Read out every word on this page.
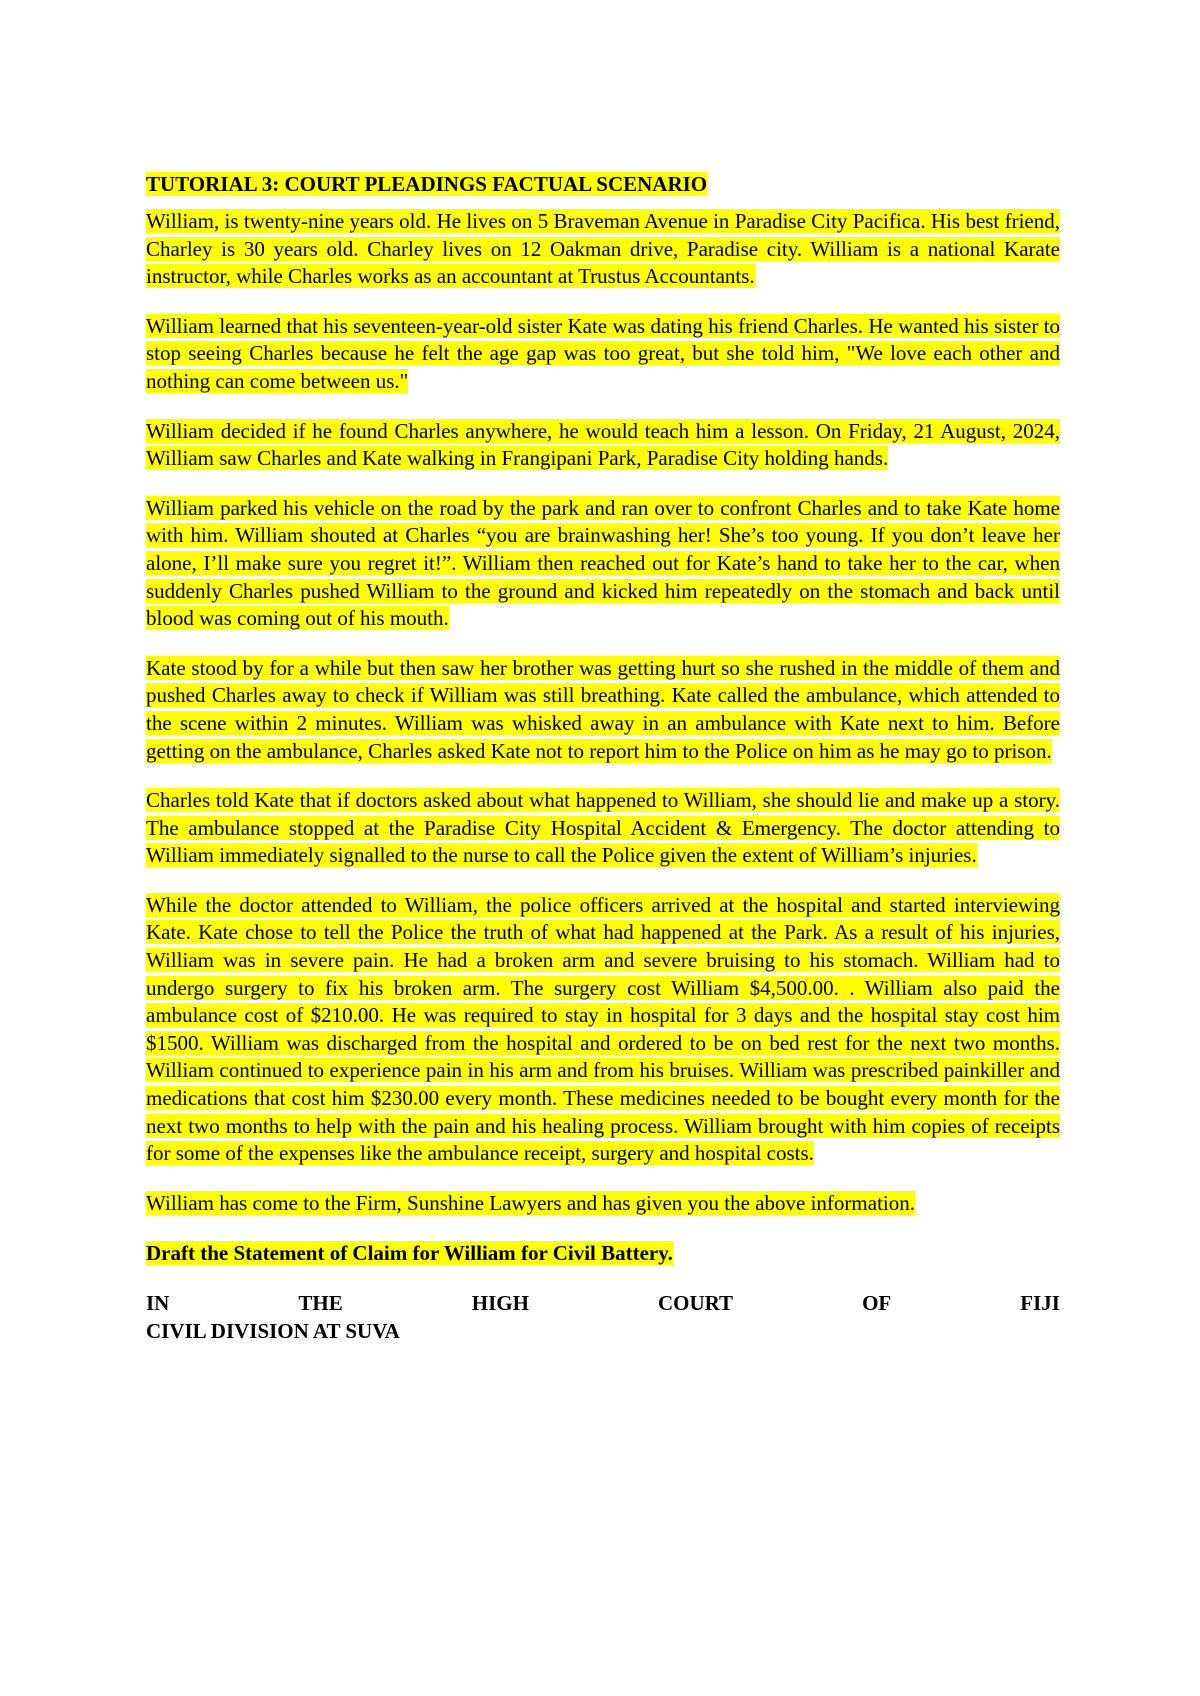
TUTORIAL 3: COURT PLEADINGS FACTUAL SCENARIO

William, is twenty-nine years old. He lives on 5 Braveman Avenue in Paradise City Pacifica. His best friend, Charley is 30 years old. Charley lives on 12 Oakman drive, Paradise city. William is a national Karate instructor, while Charles works as an accountant at Trustus Accountants.

William learned that his seventeen-year-old sister Kate was dating his friend Charles. He wanted his sister to stop seeing Charles because he felt the age gap was too great, but she told him, "We love each other and nothing can come between us."

William decided if he found Charles anywhere, he would teach him a lesson. On Friday, 21 August, 2024, William saw Charles and Kate walking in Frangipani Park, Paradise City holding hands.

William parked his vehicle on the road by the park and ran over to confront Charles and to take Kate home with him. William shouted at Charles “you are brainwashing her! She’s too young. If you don’t leave her alone, I’ll make sure you regret it!”. William then reached out for Kate’s hand to take her to the car, when suddenly Charles pushed William to the ground and kicked him repeatedly on the stomach and back until blood was coming out of his mouth.

Kate stood by for a while but then saw her brother was getting hurt so she rushed in the middle of them and pushed Charles away to check if William was still breathing. Kate called the ambulance, which attended to the scene within 2 minutes. William was whisked away in an ambulance with Kate next to him. Before getting on the ambulance, Charles asked Kate not to report him to the Police on him as he may go to prison.

Charles told Kate that if doctors asked about what happened to William, she should lie and make up a story. The ambulance stopped at the Paradise City Hospital Accident & Emergency. The doctor attending to William immediately signalled to the nurse to call the Police given the extent of William’s injuries.

While the doctor attended to William, the police officers arrived at the hospital and started interviewing Kate. Kate chose to tell the Police the truth of what had happened at the Park. As a result of his injuries, William was in severe pain. He had a broken arm and severe bruising to his stomach. William had to undergo surgery to fix his broken arm. The surgery cost William $4,500.00. . William also paid the ambulance cost of $210.00. He was required to stay in hospital for 3 days and the hospital stay cost him $1500. William was discharged from the hospital and ordered to be on bed rest for the next two months. William continued to experience pain in his arm and from his bruises. William was prescribed painkiller and medications that cost him $230.00 every month. These medicines needed to be bought every month for the next two months to help with the pain and his healing process. William brought with him copies of receipts for some of the expenses like the ambulance receipt, surgery and hospital costs.

William has come to the Firm, Sunshine Lawyers and has given you the above information.

Draft the Statement of Claim for William for Civil Battery.

IN	THE	HIGH	COURT	OF	FIJI

CIVIL DIVISION AT SUVA
